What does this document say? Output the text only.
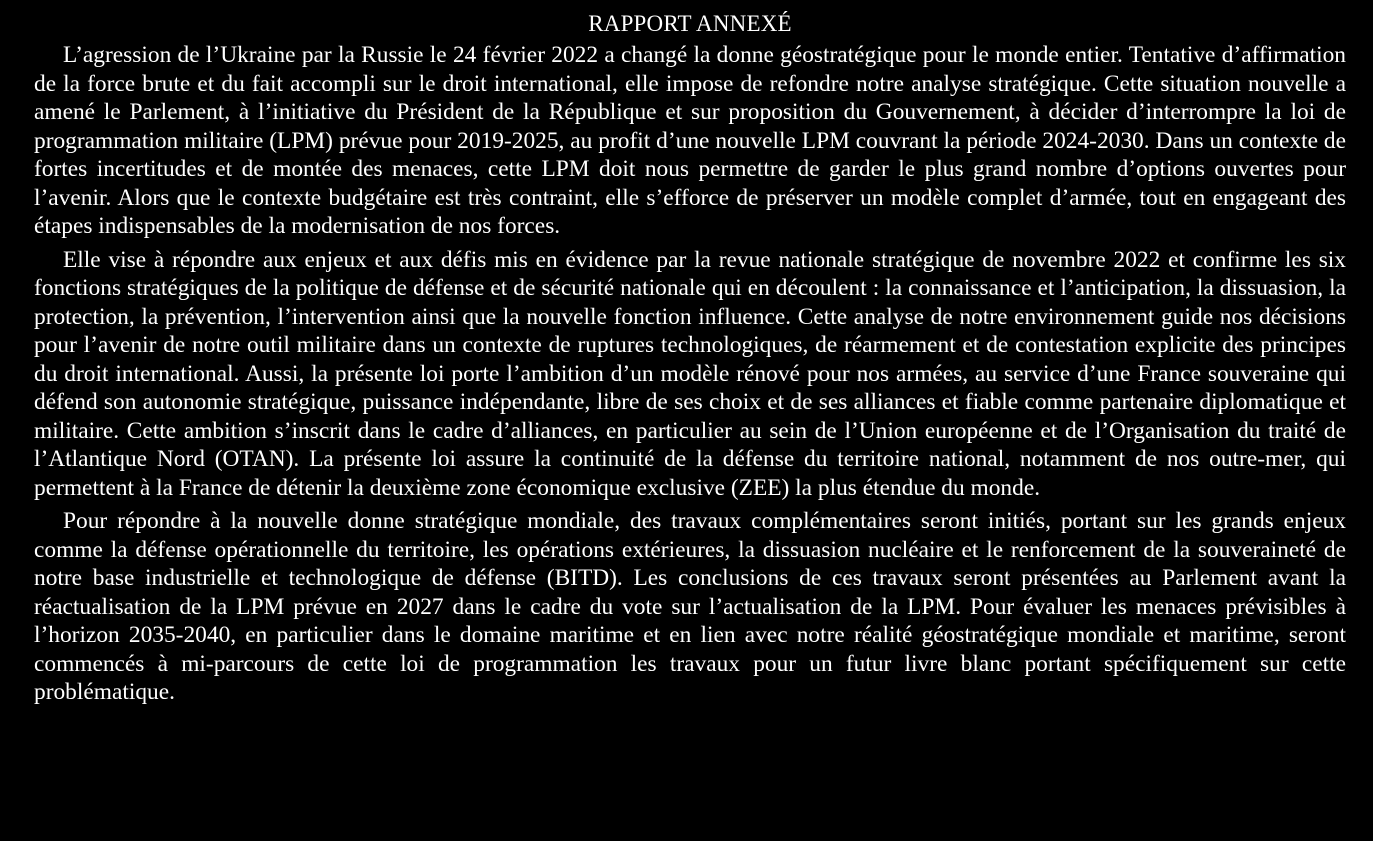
RAPPORT ANNEXÉ

L’agression de l’Ukraine par la Russie le 24 février 2022 a changé la donne géostratégique pour le monde entier. Tentative d’affirmation de la force brute et du fait accompli sur le droit international, elle impose de refondre notre analyse stratégique. Cette situation nouvelle a amené le Parlement, à l’initiative du Président de la République et sur proposition du Gouvernement, à décider d’interrompre la loi de programmation militaire (LPM) prévue pour 2019-2025, au profit d’une nouvelle LPM couvrant la période 2024-2030. Dans un contexte de fortes incertitudes et de montée des menaces, cette LPM doit nous permettre de garder le plus grand nombre d’options ouvertes pour l’avenir. Alors que le contexte budgétaire est très contraint, elle s’efforce de préserver un modèle complet d’armée, tout en engageant des étapes indispensables de la modernisation de nos forces.

Elle vise à répondre aux enjeux et aux défis mis en évidence par la revue nationale stratégique de novembre 2022 et confirme les six fonctions stratégiques de la politique de défense et de sécurité nationale qui en découlent : la connaissance et l’anticipation, la dissuasion, la protection, la prévention, l’intervention ainsi que la nouvelle fonction influence. Cette analyse de notre environnement guide nos décisions pour l’avenir de notre outil militaire dans un contexte de ruptures technologiques, de réarmement et de contestation explicite des principes du droit international. Aussi, la présente loi porte l’ambition d’un modèle rénové pour nos armées, au service d’une France souveraine qui défend son autonomie stratégique, puissance indépendante, libre de ses choix et de ses alliances et fiable comme partenaire diplomatique et militaire. Cette ambition s’inscrit dans le cadre d’alliances, en particulier au sein de l’Union européenne et de l’Organisation du traité de l’Atlantique Nord (OTAN). La présente loi assure la continuité de la défense du territoire national, notamment de nos outre-mer, qui permettent à la France de détenir la deuxième zone économique exclusive (ZEE) la plus étendue du monde.

Pour répondre à la nouvelle donne stratégique mondiale, des travaux complémentaires seront initiés, portant sur les grands enjeux comme la défense opérationnelle du territoire, les opérations extérieures, la dissuasion nucléaire et le renforcement de la souveraineté de notre base industrielle et technologique de défense (BITD). Les conclusions de ces travaux seront présentées au Parlement avant la réactualisation de la LPM prévue en 2027 dans le cadre du vote sur l’actualisation de la LPM. Pour évaluer les menaces prévisibles à l’horizon 2035-2040, en particulier dans le domaine maritime et en lien avec notre réalité géostratégique mondiale et maritime, seront commencés à mi-parcours de cette loi de programmation les travaux pour un futur livre blanc portant spécifiquement sur cette problématique.
